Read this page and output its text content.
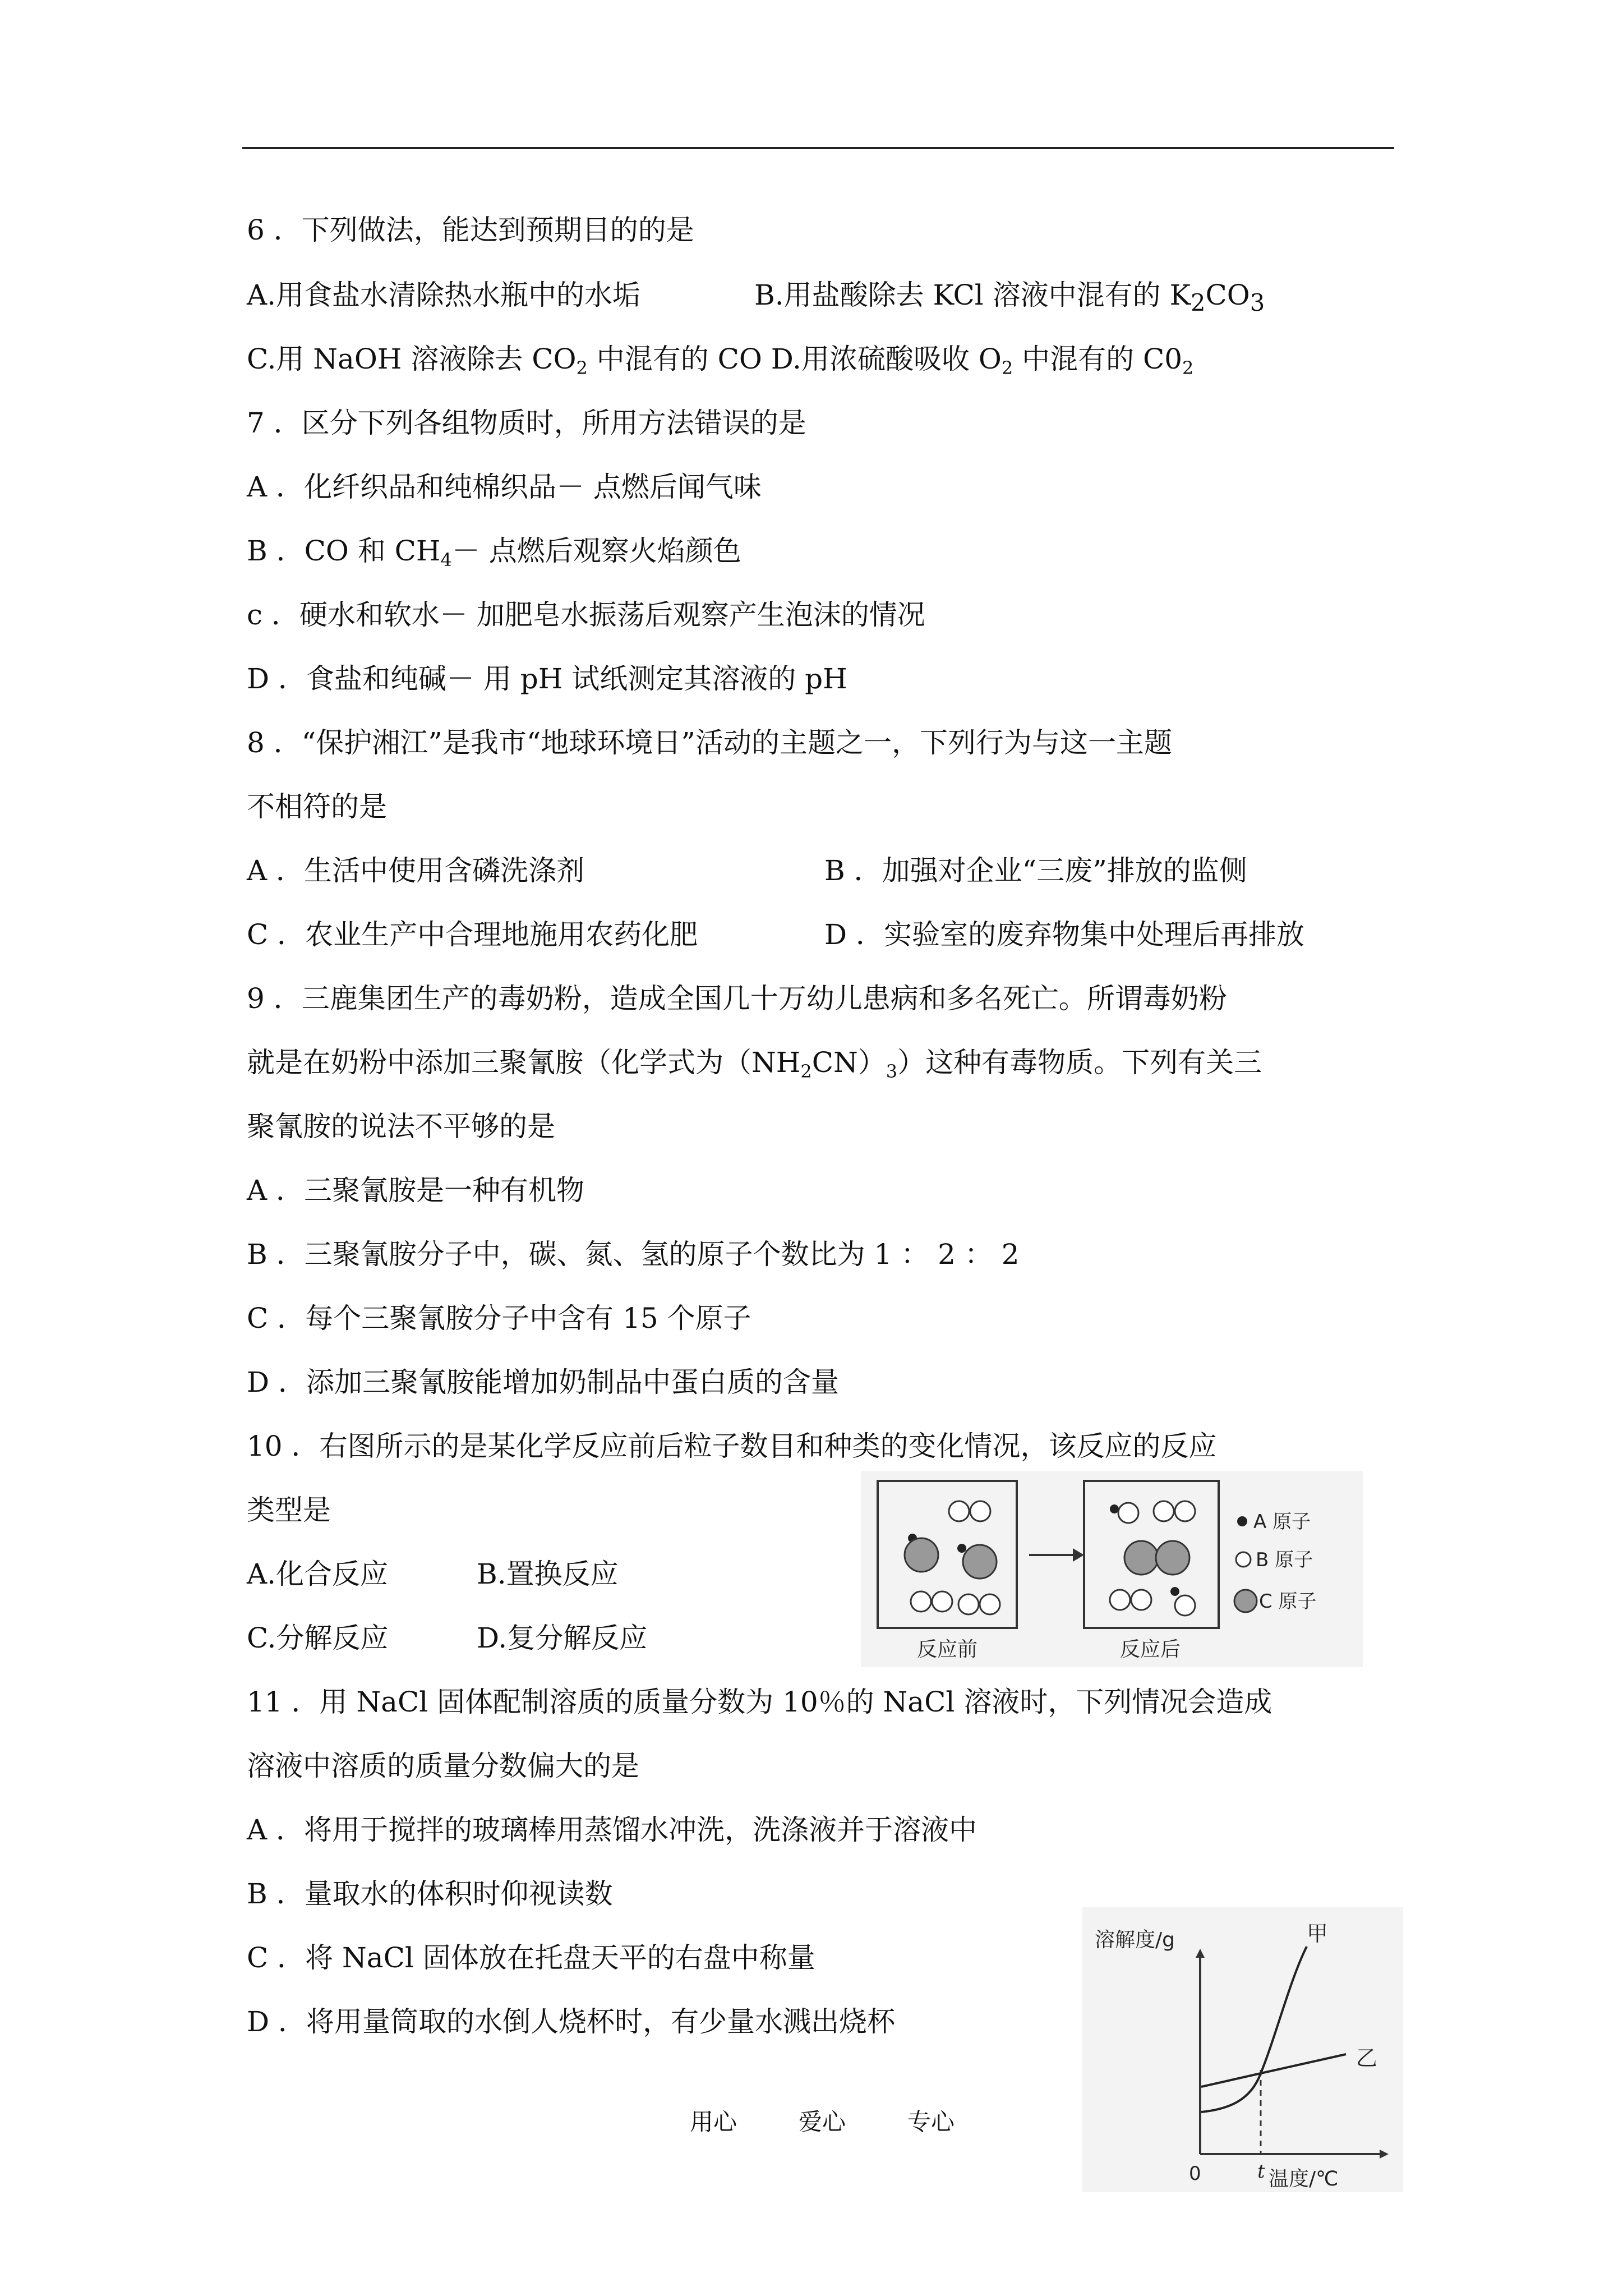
6 ．下列做法，能达到预期目的的是
A.用食盐水清除热水瓶中的水垢	B.用盐酸除去 KCl 溶液中混有的 $K_2CO_3$
C.用 NaOH 溶液除去 $CO_2$ 中混有的 CO D.用浓硫酸吸收 $O_2$ 中混有的 $C0_2$
7 ．区分下列各组物质时，所用方法错误的是
A ．化纤织品和纯棉织品－ 点燃后闻气味
B ．CO 和 $CH_4-$ 点燃后观察火焰颜色
c ．硬水和软水－ 加肥皂水振荡后观察产生泡沫的情况
D ．食盐和纯碱－ 用 pH 试纸测定其溶液的 pH
8 ．“保护湘江”是我市“地球环境日”活动的主题之一，下列行为与这一主题
不相符的是
A ．生活中使用含磷洗涤剂	B ．加强对企业“三废”排放的监侧
C ．农业生产中合理地施用农药化肥	D ．实验室的废弃物集中处理后再排放
9 ．三鹿集团生产的毒奶粉，造成全国几十万幼儿患病和多名死亡。所谓毒奶粉
就是在奶粉中添加三聚氰胺（化学式为$(NH_2CN)_3$）这种有毒物质。下列有关三
聚氰胺的说法不平够的是
A ．三聚氰胺是一种有机物
B ．三聚氰胺分子中，碳、氮、氢的原子个数比为 1 ： 2 ： 2
C ．每个三聚氰胺分子中含有 15 个原子
D ．添加三聚氰胺能增加奶制品中蛋白质的含量
10 ．右图所示的是某化学反应前后粒子数目和种类的变化情况，该反应的反应
类型是
A.化合反应	B.置换反应
C.分解反应	D.复分解反应
A 原子
B 原子
C 原子
反应前	反应后
11 ．用 NaCl 固体配制溶质的质量分数为 10％的 NaCl 溶液时，下列情况会造成
溶液中溶质的质量分数偏大的是
A ．将用于搅拌的玻璃棒用蒸馏水冲洗，洗涤液并于溶液中
B ．量取水的体积时仰视读数
C ．将 NaCl 固体放在托盘天平的右盘中称量
D ．将用量筒取的水倒人烧杯时，有少量水溅出烧杯
溶解度/g
温度/℃
0	t
甲
乙
用心	爱心	专心
